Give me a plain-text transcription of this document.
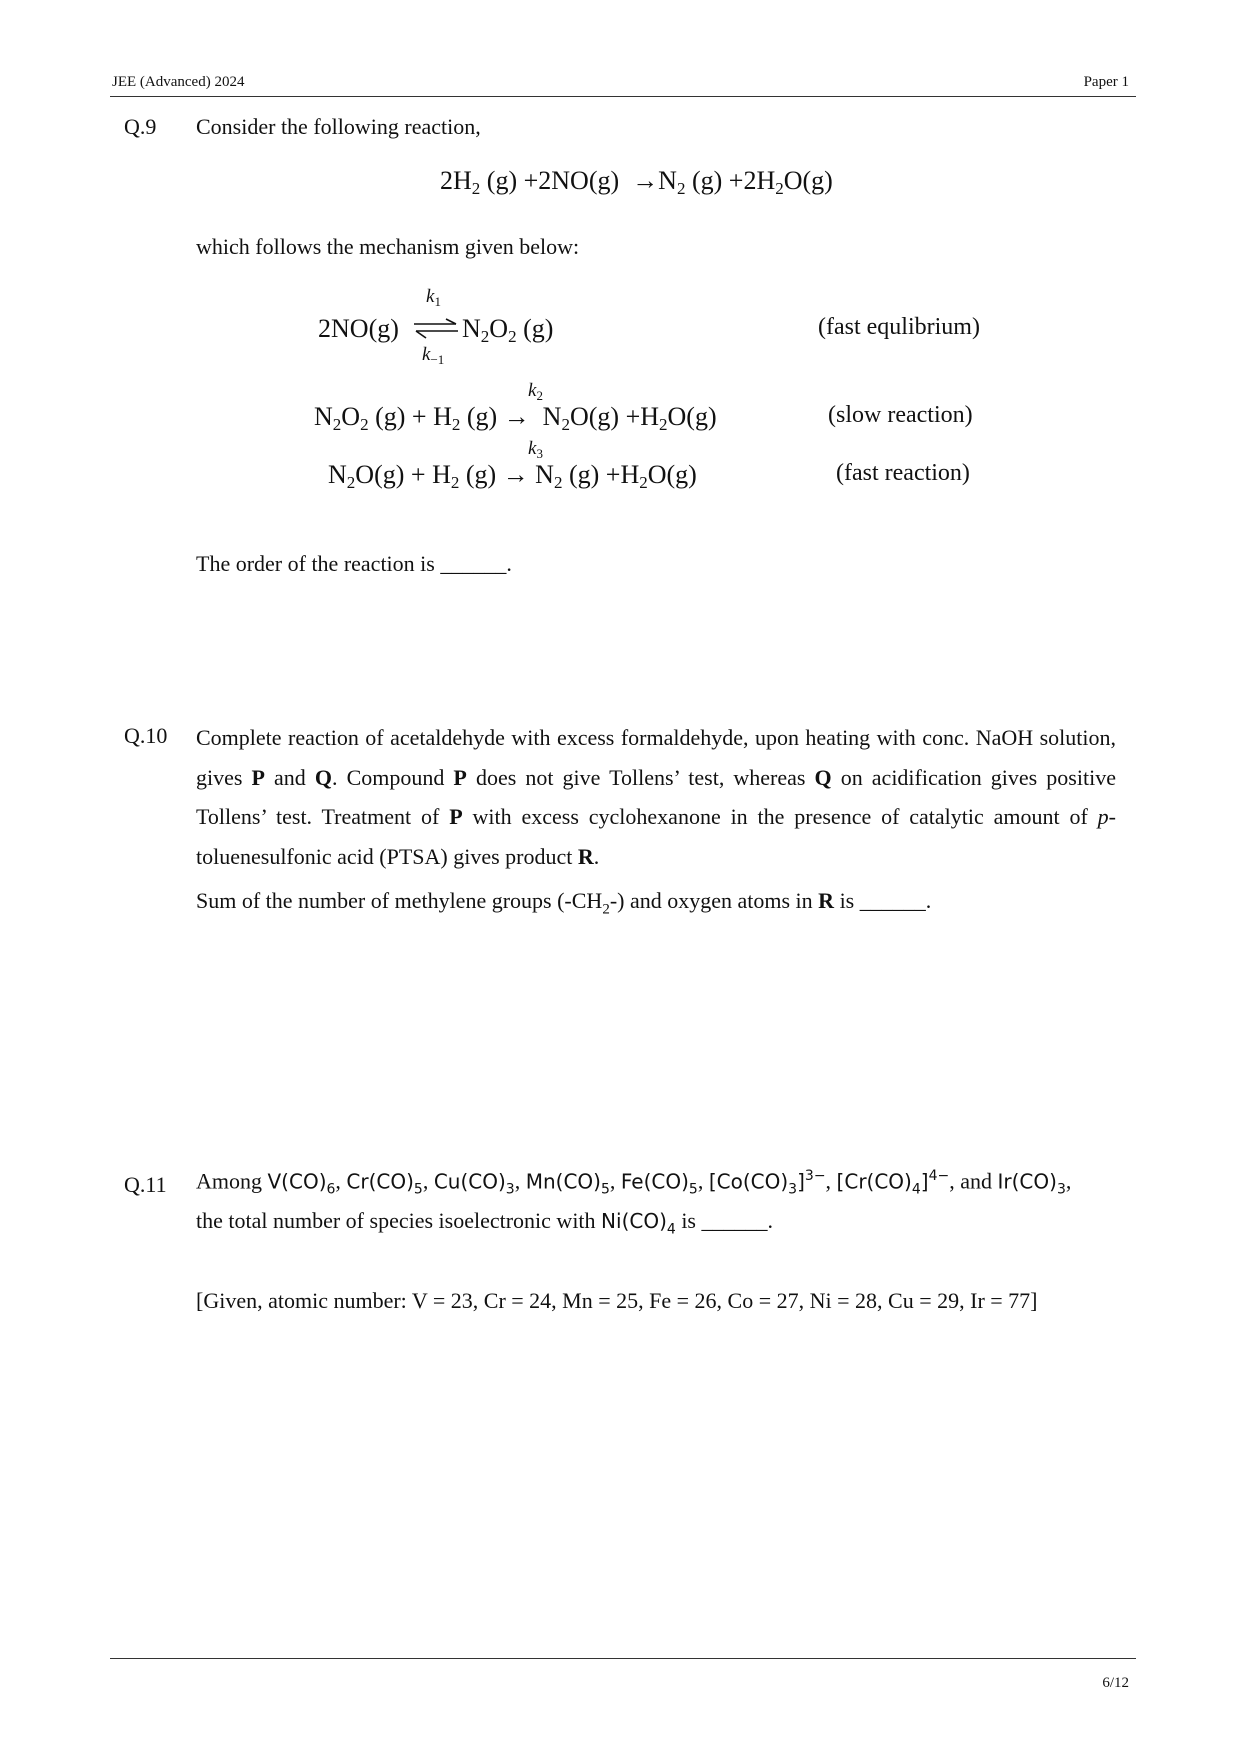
JEE (Advanced) 2024	Paper 1
Q.9 Consider the following reaction,
$2H_2$ $(g) +2NO(g) \to N_2$ $(g) +2H_2O(g)$
which follows the mechanism given below:
2NO(g)
$k_1$
$k_{-1}$
$N_2O_2$ (g)	(fast equlibrium)
$k_2$
$N_2O_2$ $(g) + H_2$ $(g) \to N_2O(g) +H_2O(g)$	(slow reaction)
$k_3$
$N_2O(g) + H_2$ $(g) \to N_2$ $(g) +H_2O(g)$	(fast reaction)
The order of the reaction is ______.
Q.10 Complete reaction of acetaldehyde with excess formaldehyde, upon heating with conc. NaOH solution, gives P and Q. Compound P does not give Tollens’ test, whereas Q on acidification gives positive Tollens’ test. Treatment of P with excess cyclohexanone in the presence of catalytic amount of p-toluenesulfonic acid (PTSA) gives product R.
Sum of the number of methylene groups $(-CH_2-)$ and oxygen atoms in R is ______.
Q.11 Among $V(CO)_6$, $Cr(CO)_5$, $Cu(CO)_3$, $Mn(CO)_5$, $Fe(CO)_5$, $[Co(CO)_3]^{3-}$, $[Cr(CO)_4]^{4-}$, and $Ir(CO)_3$,
the total number of species isoelectronic with $Ni(CO)_4$ is ______.
[Given, atomic number: V = 23, Cr = 24, Mn = 25, Fe = 26, Co = 27, Ni = 28, Cu = 29, Ir = 77]
6/12
